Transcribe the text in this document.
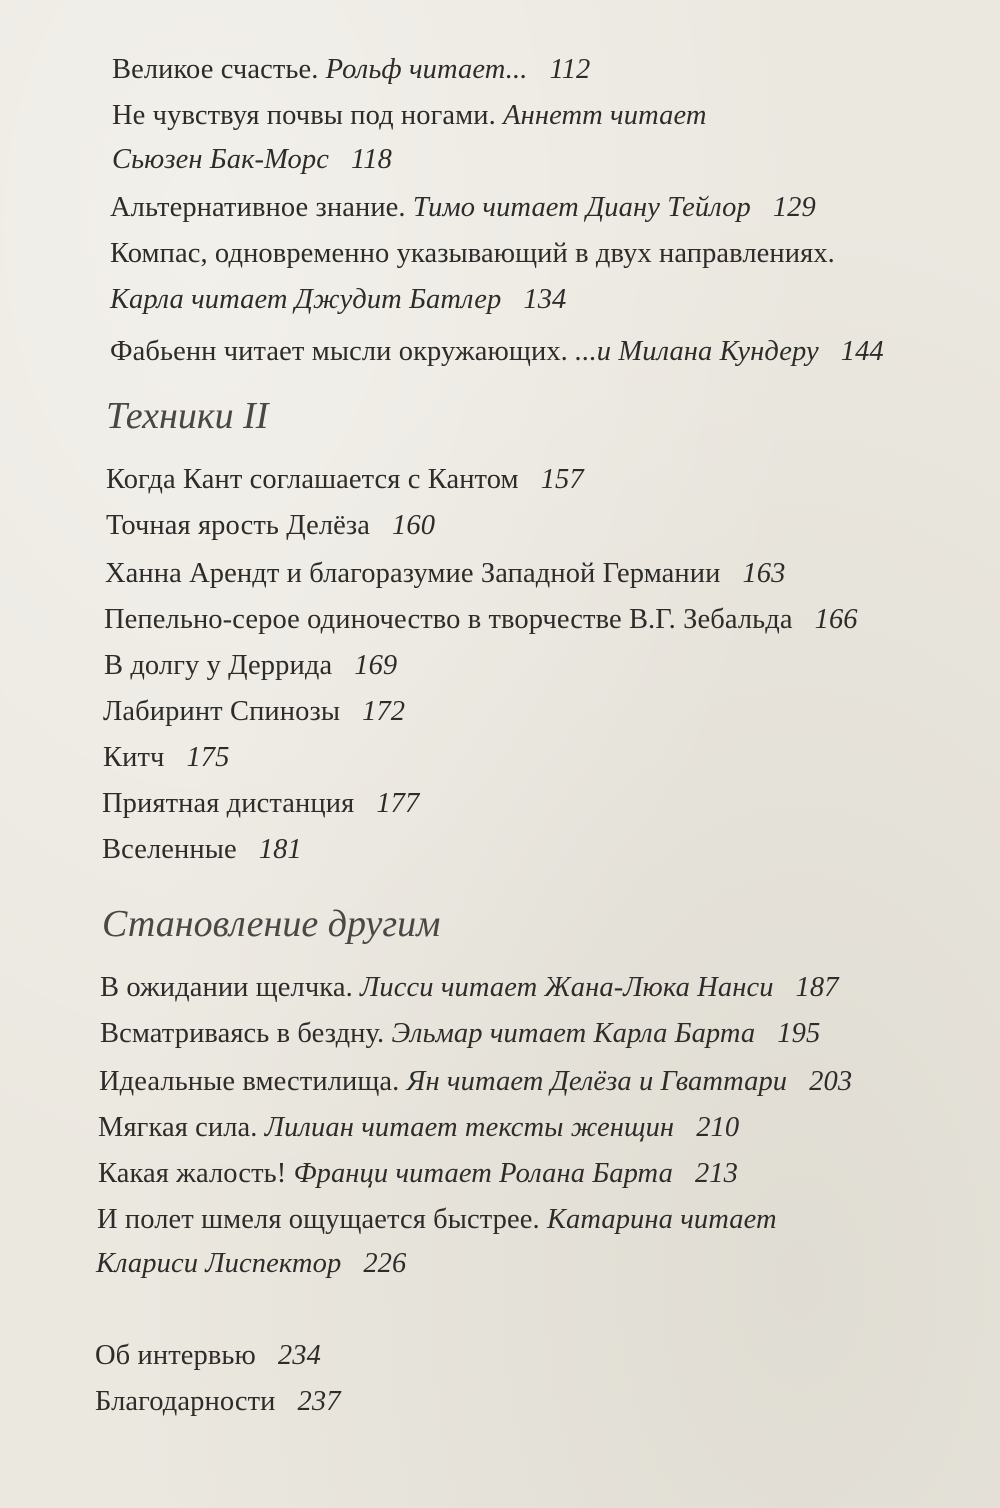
Великое счастье. Рольф читает... 112
Не чувствуя почвы под ногами. Аннетт читает
Сьюзен Бак-Морс 118
Альтернативное знание. Тимо читает Диану Тейлор 129
Компас, одновременно указывающий в двух направлениях.
Карла читает Джудит Батлер 134
Фабьенн читает мысли окружающих. ...и Милана Кундеру 144
Техники II
Когда Кант соглашается с Кантом 157
Точная ярость Делёза 160
Ханна Арендт и благоразумие Западной Германии 163
Пепельно-серое одиночество в творчестве В.Г. Зебальда 166
В долгу у Деррида 169
Лабиринт Спинозы 172
Китч 175
Приятная дистанция 177
Вселенные 181
Становление другим
В ожидании щелчка. Лисси читает Жана-Люка Нанси 187
Всматриваясь в бездну. Эльмар читает Карла Барта 195
Идеальные вместилища. Ян читает Делёза и Гваттари 203
Мягкая сила. Лилиан читает тексты женщин 210
Какая жалость! Франци читает Ролана Барта 213
И полет шмеля ощущается быстрее. Катарина читает
Клариси Лиспектор 226
Об интервью 234
Благодарности 237
